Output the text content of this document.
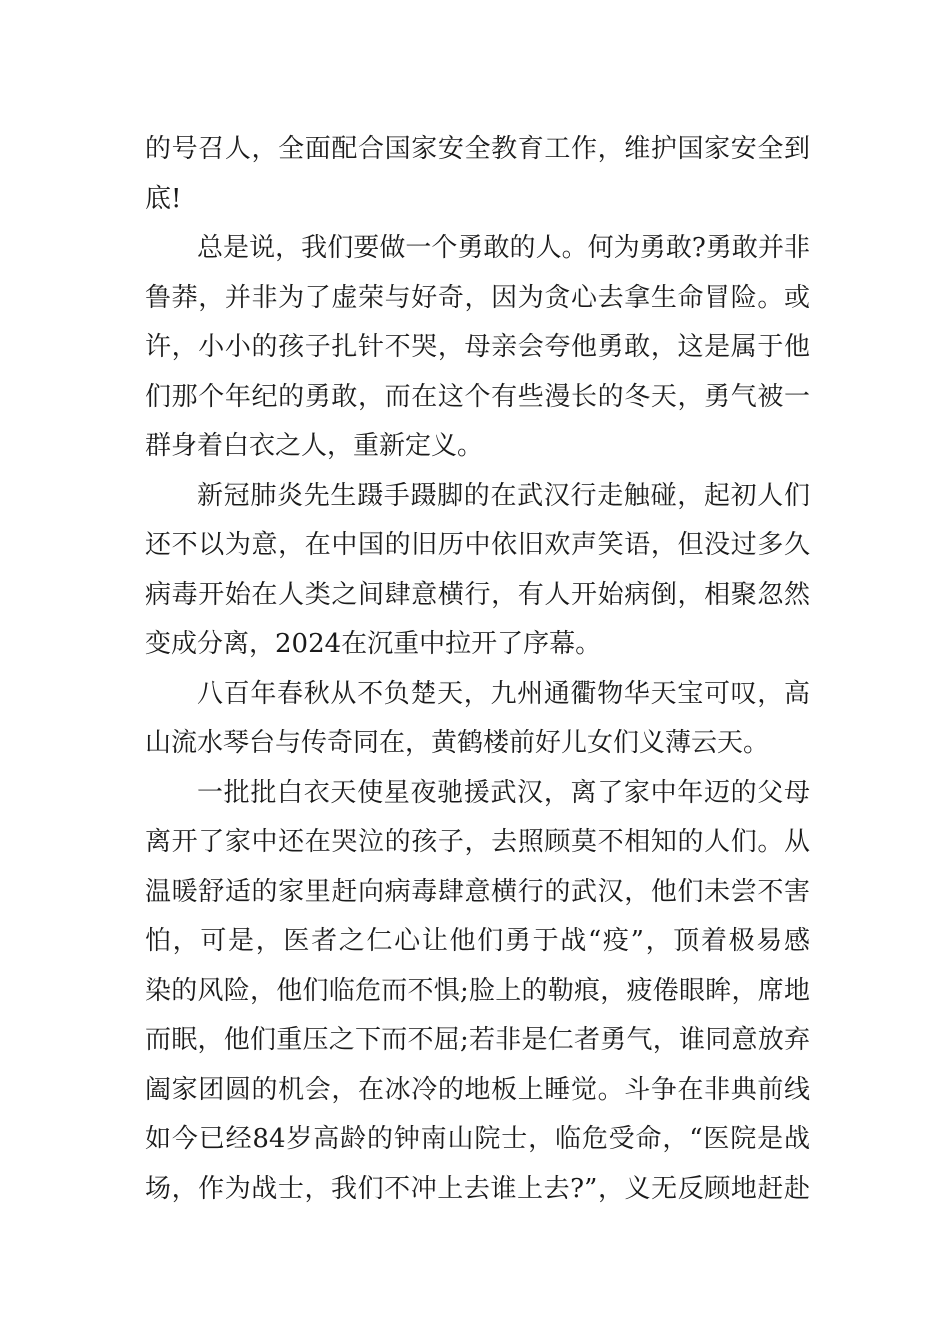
的号召人，全面配合国家安全教育工作，维护国家安全到
底!
总是说，我们要做一个勇敢的人。何为勇敢?勇敢并非
鲁莽，并非为了虚荣与好奇，因为贪心去拿生命冒险。或
许，小小的孩子扎针不哭，母亲会夸他勇敢，这是属于他
们那个年纪的勇敢，而在这个有些漫长的冬天，勇气被一
群身着白衣之人，重新定义。
新冠肺炎先生蹑手蹑脚的在武汉行走触碰，起初人们
还不以为意，在中国的旧历中依旧欢声笑语，但没过多久
病毒开始在人类之间肆意横行，有人开始病倒，相聚忽然
变成分离，2024在沉重中拉开了序幕。
八百年春秋从不负楚天，九州通衢物华天宝可叹，高
山流水琴台与传奇同在，黄鹤楼前好儿女们义薄云天。
一批批白衣天使星夜驰援武汉，离了家中年迈的父母
离开了家中还在哭泣的孩子，去照顾莫不相知的人们。从
温暖舒适的家里赶向病毒肆意横行的武汉，他们未尝不害
怕，可是，医者之仁心让他们勇于战“疫”，顶着极易感
染的风险，他们临危而不惧;脸上的勒痕，疲倦眼眸，席地
而眠，他们重压之下而不屈;若非是仁者勇气，谁同意放弃
阖家团圆的机会，在冰冷的地板上睡觉。斗争在非典前线
如今已经84岁高龄的钟南山院士，临危受命，“医院是战
场，作为战士，我们不冲上去谁上去?”，义无反顾地赶赴
